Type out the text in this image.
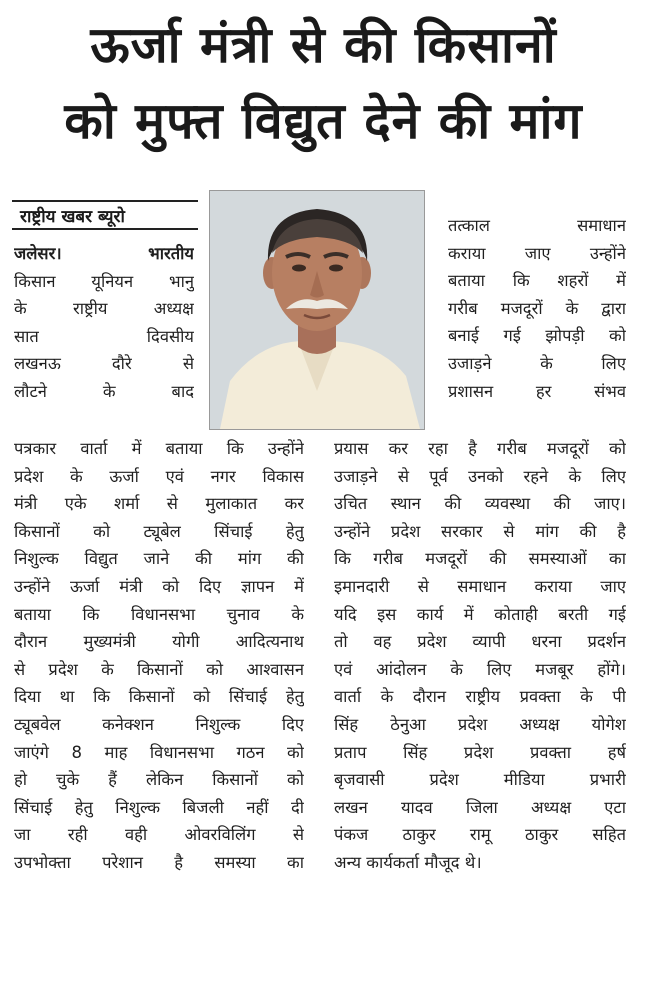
ऊर्जा मंत्री से की किसानों
को मुफ्त विद्युत देने की मांग
राष्ट्रीय खबर ब्यूरो
जलेसर। भारतीय
किसान यूनियन भानु
के राष्ट्रीय अध्यक्ष
सात दिवसीय
लखनऊ दौरे से
लौटने के बाद
पत्रकार वार्ता में बताया कि उन्होंने
प्रदेश के ऊर्जा एवं नगर विकास
मंत्री एके शर्मा से मुलाकात कर
किसानों को ट्यूबेल सिंचाई हेतु
निशुल्क विद्युत जाने की मांग की
उन्होंने ऊर्जा मंत्री को दिए ज्ञापन में
बताया कि विधानसभा चुनाव के
दौरान मुख्यमंत्री योगी आदित्यनाथ
से प्रदेश के किसानों को आश्वासन
दिया था कि किसानों को सिंचाई हेतु
ट्यूबवेल कनेक्शन निशुल्क दिए
जाएंगे 8 माह विधानसभा गठन को
हो चुके हैं लेकिन किसानों को
सिंचाई हेतु निशुल्क बिजली नहीं दी
जा रही वही ओवरविलिंग से
उपभोक्ता परेशान है समस्या का
तत्काल समाधान
कराया जाए उन्होंने
बताया कि शहरों में
गरीब मजदूरों के द्वारा
बनाई गई झोपड़ी को
उजाड़ने के लिए
प्रशासन हर संभव
प्रयास कर रहा है गरीब मजदूरों को
उजाड़ने से पूर्व उनको रहने के लिए
उचित स्थान की व्यवस्था की जाए।
उन्होंने प्रदेश सरकार से मांग की है
कि गरीब मजदूरों की समस्याओं का
इमानदारी से समाधान कराया जाए
यदि इस कार्य में कोताही बरती गई
तो वह प्रदेश व्यापी धरना प्रदर्शन
एवं आंदोलन के लिए मजबूर होंगे।
वार्ता के दौरान राष्ट्रीय प्रवक्ता के पी
सिंह ठेनुआ प्रदेश अध्यक्ष योगेश
प्रताप सिंह प्रदेश प्रवक्ता हर्ष
बृजवासी प्रदेश मीडिया प्रभारी
लखन यादव जिला अध्यक्ष एटा
पंकज ठाकुर रामू ठाकुर सहित
अन्य कार्यकर्ता मौजूद थे।
